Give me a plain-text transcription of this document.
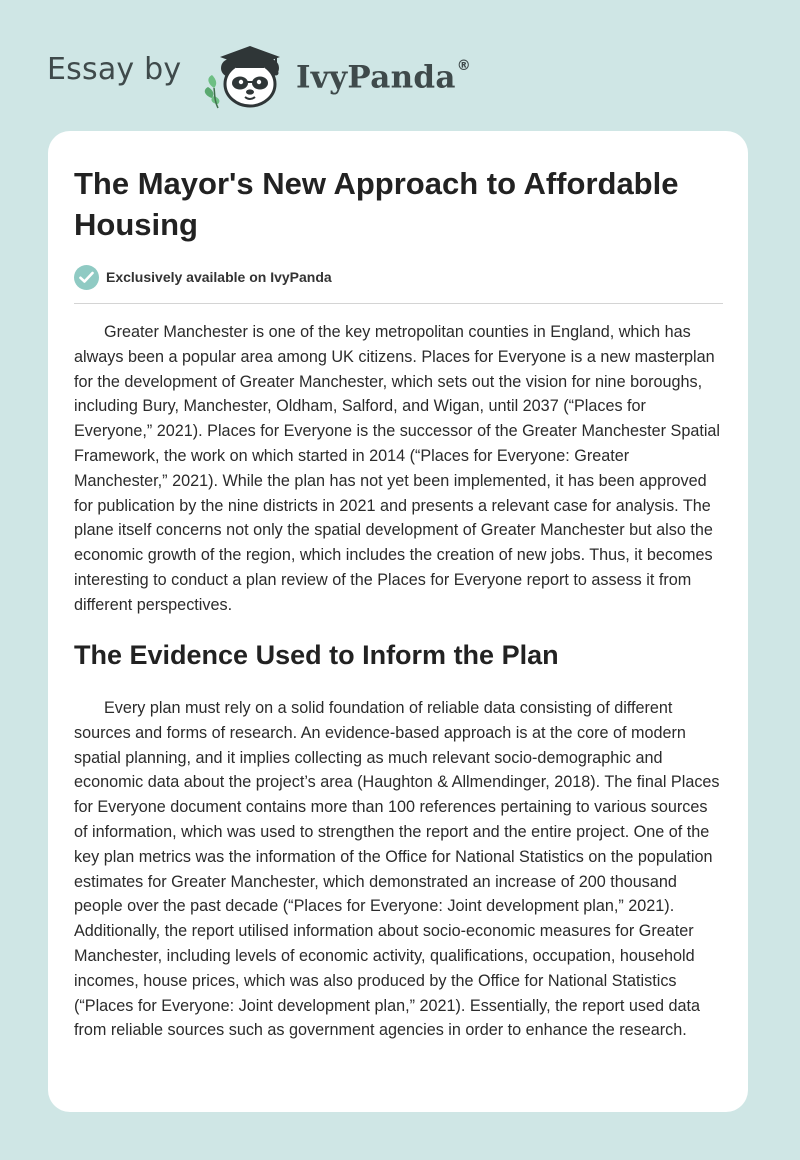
Essay by	IvyPanda®
The Mayor's New Approach to Affordable Housing
Exclusively available on IvyPanda

Greater Manchester is one of the key metropolitan counties in England, which has always been a popular area among UK citizens. Places for Everyone is a new masterplan for the development of Greater Manchester, which sets out the vision for nine boroughs, including Bury, Manchester, Oldham, Salford, and Wigan, until 2037 (“Places for Everyone,” 2021). Places for Everyone is the successor of the Greater Manchester Spatial Framework, the work on which started in 2014 (“Places for Everyone: Greater Manchester,” 2021). While the plan has not yet been implemented, it has been approved for publication by the nine districts in 2021 and presents a relevant case for analysis. The plane itself concerns not only the spatial development of Greater Manchester but also the economic growth of the region, which includes the creation of new jobs. Thus, it becomes interesting to conduct a plan review of the Places for Everyone report to assess it from different perspectives.

The Evidence Used to Inform the Plan

Every plan must rely on a solid foundation of reliable data consisting of different sources and forms of research. An evidence-based approach is at the core of modern spatial planning, and it implies collecting as much relevant socio-demographic and economic data about the project’s area (Haughton & Allmendinger, 2018). The final Places for Everyone document contains more than 100 references pertaining to various sources of information, which was used to strengthen the report and the entire project. One of the key plan metrics was the information of the Office for National Statistics on the population estimates for Greater Manchester, which demonstrated an increase of 200 thousand people over the past decade (“Places for Everyone: Joint development plan,” 2021). Additionally, the report utilised information about socio-economic measures for Greater Manchester, including levels of economic activity, qualifications, occupation, household incomes, house prices, which was also produced by the Office for National Statistics (“Places for Everyone: Joint development plan,” 2021). Essentially, the report used data from reliable sources such as government agencies in order to enhance the research.
